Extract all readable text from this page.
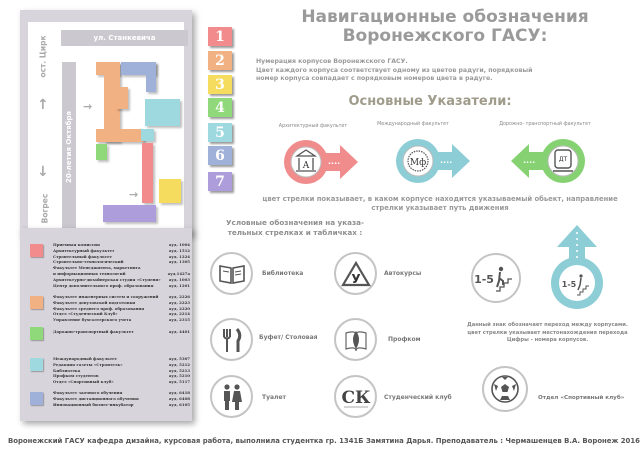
ул. Станкевича
20-летия Октября
ост. Цирк
↑
↓
Вогрес
→
→
Приемная комиссия	ауд. 1004
Архитектурный факультет	ауд. 1512
Строительный факультет	ауд. 1224
Строительно-технологический	ауд. 1305
Факультет Менеджмента, маркетинга
и информационных технологий	ауд.1427а
Архитектурно-дизайнерская студия «Ступени» ауд. 1003
Центр дополнительного проф. образования	ауд. 1201
Факультет инженерных систем и сооружений	ауд. 2226
Факультет довузовской подготовки	ауд. 2223
Факультет среднего проф. образования	ауд. 2220
Отдел «Студенческий Клуб»	ауд. 2214
Управление бухгалтерского учета	ауд. 2315
Дорожно-транспортный факультет	ауд. 4401
Международный факультет	ауд. 5307
Редакция газеты «Строитель»	ауд. 5212
Библиотека	ауд. 5213
Профком студентов	ауд. 5210
Отдел «Спортивный клуб»	ауд. 5117
Факультет заочного обучения	ауд. 6418
Факультет дистанционного обучения	ауд. 6408
Инновационный бизнес-инкубатор	ауд. 6105
1
2
3
4
5
6
7
Навигационные обозначения
Воронежского ГАСУ:
Нумерация корпусов Воронежского ГАСУ.
Цвет каждого корпуса соответствует одному из цветов радуги, порядковый
номер корпуса совпадает с порядковым номеров цвета в радуге.
Основные Указатели:
Архитектурный факультет	Международный факультет	Дорожно- транспортный факультет
А ....	Мф ....	ДТ
....
цвет стрелки показывает, в каком корпусе находится указываемый обьект, направление
стрелки указывает путь движения
Условные обозначения на указа-
тельных стрелках и табличках :
Библиотека	У	Автокурсы
Буфет/ Столовая	Профком
Туалет	СК Студенческий клуб
1-5	1-5
Данный знак обозначает переход между корпусами.
цвет стрелки указывает местонахождения перехода
Цифры - номера корпусов.
Отдел «Спортивный клуб»
Воронежский ГАСУ кафедра дизайна, курсовая работа, выполнила студентка гр. 1341Б Замятина Дарья. Преподаватель : Чермашенцев В.А. Воронеж 2016
